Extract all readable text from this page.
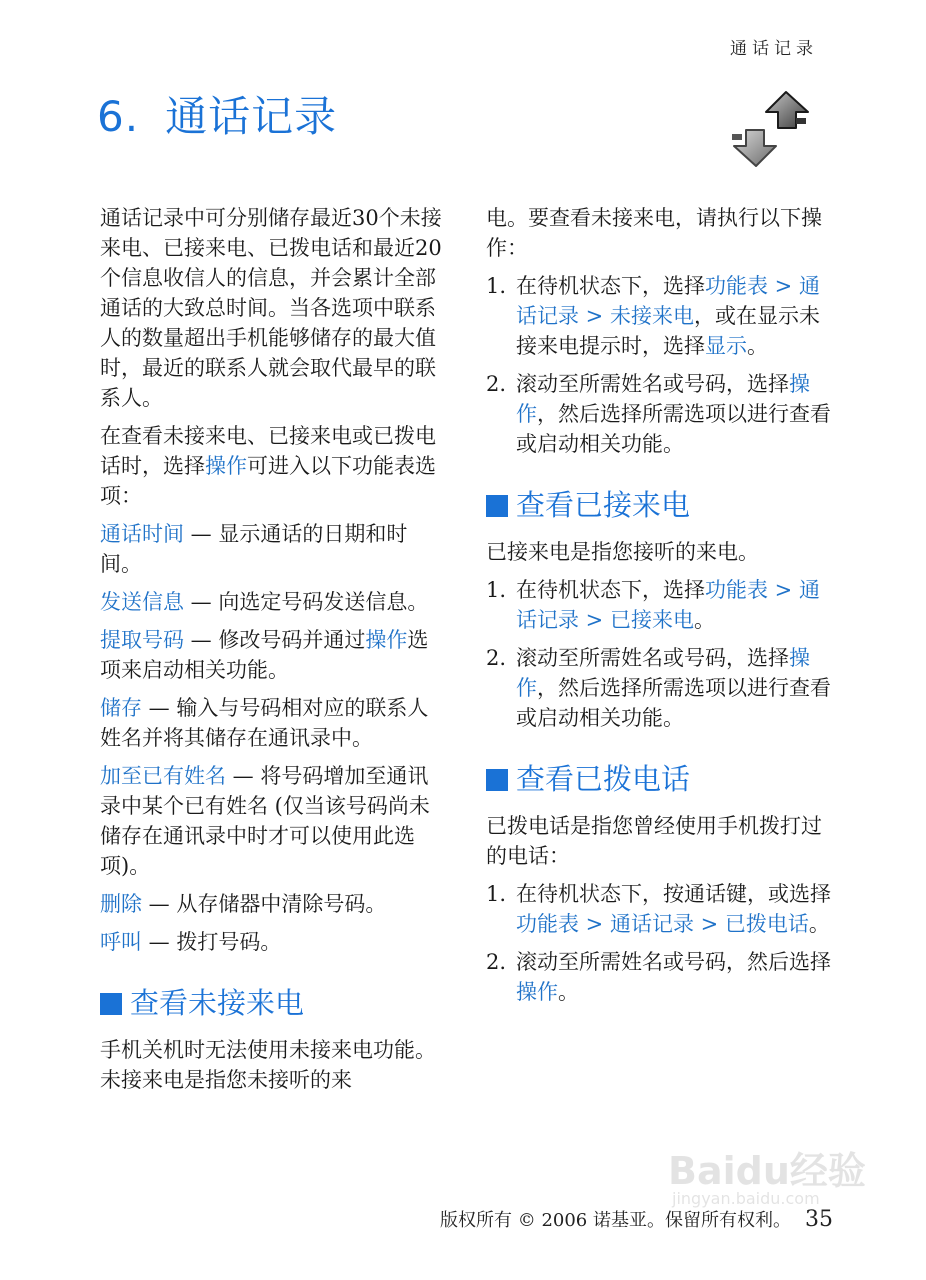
通话记录
6. 通话记录

通话记录中可分别储存最近30个未接来电、已接来电、已拨电话和最近20个信息收信人的信息，并会累计全部通话的大致总时间。当各选项中联系人的数量超出手机能够储存的最大值时，最近的联系人就会取代最早的联系人。

在查看未接来电、已接来电或已拨电话时，选择操作可进入以下功能表选项：

通话时间 — 显示通话的日期和时间。

发送信息 — 向选定号码发送信息。

提取号码 — 修改号码并通过操作选项来启动相关功能。

储存 — 输入与号码相对应的联系人姓名并将其储存在通讯录中。

加至已有姓名 — 将号码增加至通讯录中某个已有姓名 (仅当该号码尚未储存在通讯录中时才可以使用此选项)。

删除 — 从存储器中清除号码。

呼叫 — 拨打号码。

查看未接来电

手机关机时无法使用未接来电功能。未接来电是指您未接听的来

电。要查看未接来电，请执行以下操作：

1. 在待机状态下，选择功能表 > 通话记录 > 未接来电，或在显示未接来电提示时，选择显示。
2. 滚动至所需姓名或号码，选择操作，然后选择所需选项以进行查看或启动相关功能。
查看已接来电

已接来电是指您接听的来电。

1. 在待机状态下，选择功能表 > 通话记录 > 已接来电。
2. 滚动至所需姓名或号码，选择操作，然后选择所需选项以进行查看或启动相关功能。
查看已拨电话

已拨电话是指您曾经使用手机拨打过的电话：

1. 在待机状态下，按通话键，或选择功能表 > 通话记录 > 已拨电话。
2. 滚动至所需姓名或号码，然后选择操作。
Baidu经验
jingyan.baidu.com
版权所有 © 2006 诺基亚。保留所有权利。 35
